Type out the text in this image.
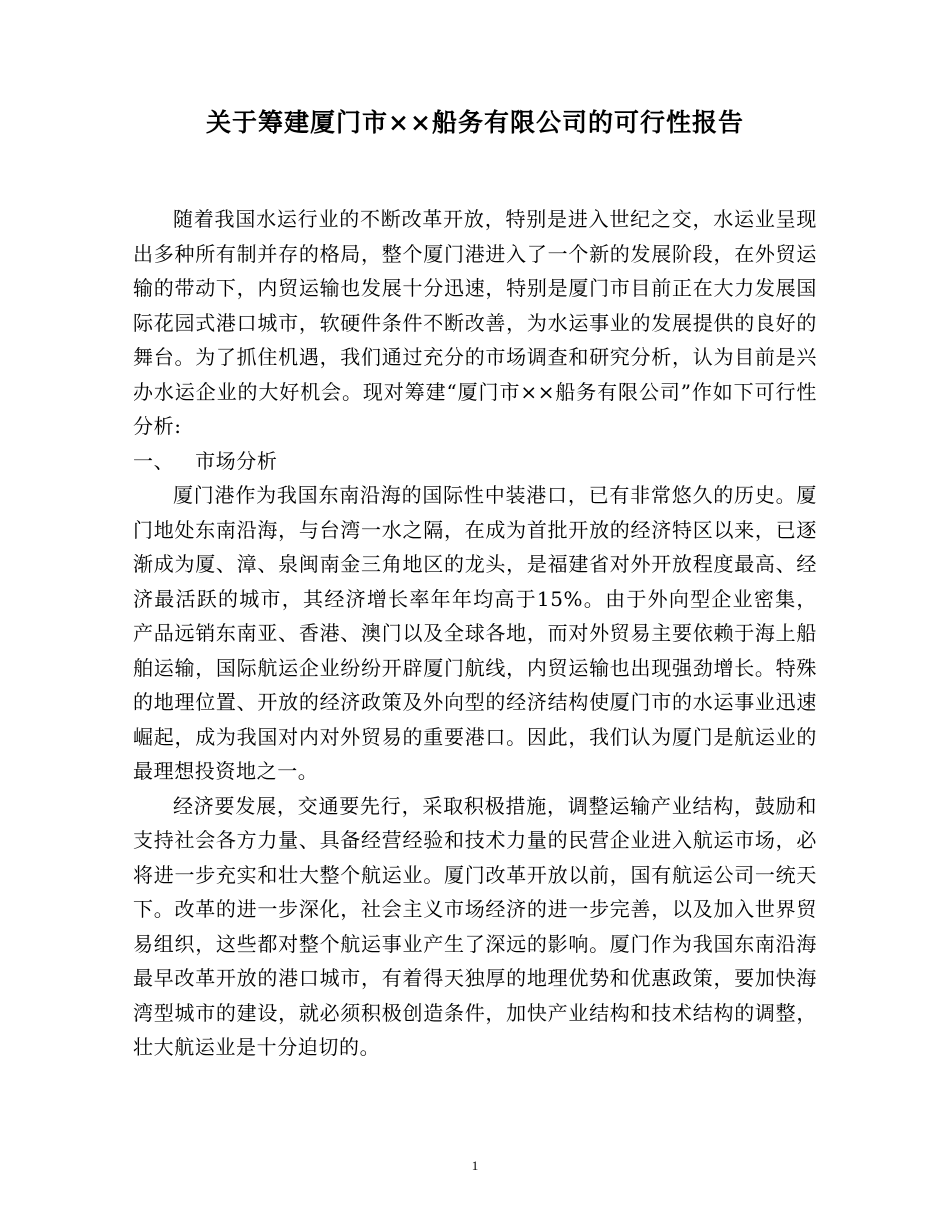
关于筹建厦门市××船务有限公司的可行性报告

随着我国水运行业的不断改革开放，特别是进入世纪之交，水运业呈现出多种所有制并存的格局，整个厦门港进入了一个新的发展阶段，在外贸运输的带动下，内贸运输也发展十分迅速，特别是厦门市目前正在大力发展国际花园式港口城市，软硬件条件不断改善，为水运事业的发展提供的良好的舞台。为了抓住机遇，我们通过充分的市场调查和研究分析，认为目前是兴办水运企业的大好机会。现对筹建“厦门市××船务有限公司”作如下可行性分析:

一、 市场分析

厦门港作为我国东南沿海的国际性中装港口，已有非常悠久的历史。厦门地处东南沿海，与台湾一水之隔，在成为首批开放的经济特区以来，已逐渐成为厦、漳、泉闽南金三角地区的龙头，是福建省对外开放程度最高、经济最活跃的城市，其经济增长率年年均高于15%。由于外向型企业密集，产品远销东南亚、香港、澳门以及全球各地，而对外贸易主要依赖于海上船舶运输，国际航运企业纷纷开辟厦门航线，内贸运输也出现强劲增长。特殊的地理位置、开放的经济政策及外向型的经济结构使厦门市的水运事业迅速崛起，成为我国对内对外贸易的重要港口。因此，我们认为厦门是航运业的最理想投资地之一。

经济要发展，交通要先行，采取积极措施，调整运输产业结构，鼓励和支持社会各方力量、具备经营经验和技术力量的民营企业进入航运市场，必将进一步充实和壮大整个航运业。厦门改革开放以前，国有航运公司一统天下。改革的进一步深化，社会主义市场经济的进一步完善，以及加入世界贸易组织，这些都对整个航运事业产生了深远的影响。厦门作为我国东南沿海最早改革开放的港口城市，有着得天独厚的地理优势和优惠政策，要加快海湾型城市的建设，就必须积极创造条件，加快产业结构和技术结构的调整，壮大航运业是十分迫切的。

1
